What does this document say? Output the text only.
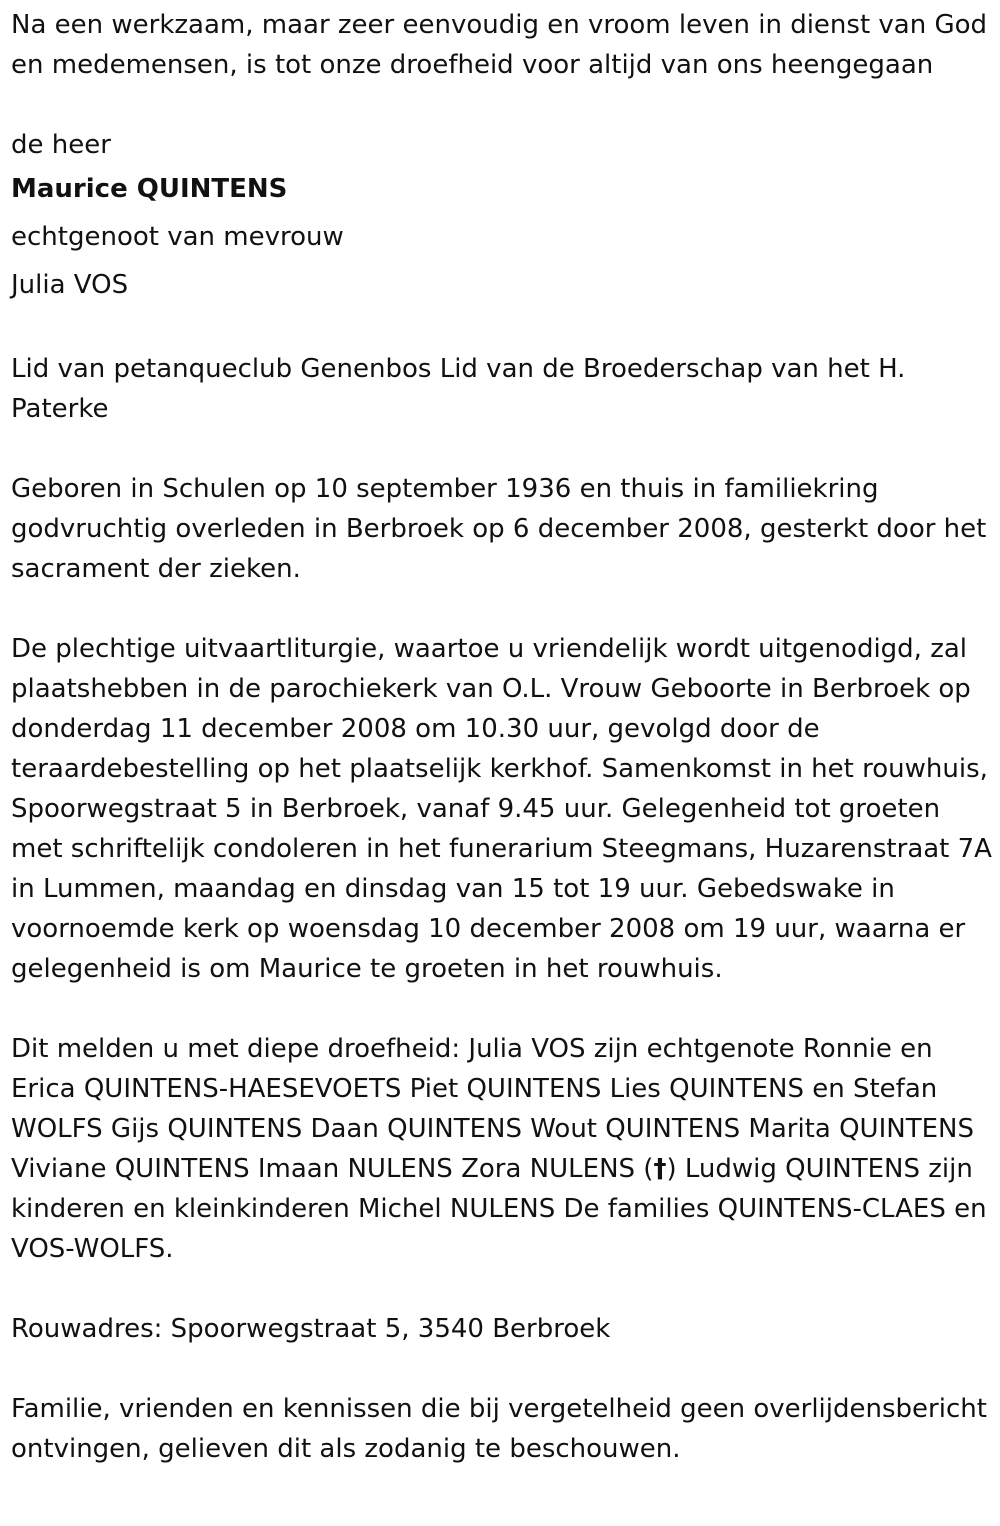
Na een werkzaam, maar zeer eenvoudig en vroom leven in dienst van God en medemensen, is tot onze droefheid voor altijd van ons heengegaan

de heer

Maurice QUINTENS

echtgenoot van mevrouw

Julia VOS

Lid van petanqueclub Genenbos Lid van de Broederschap van het H. Paterke

Geboren in Schulen op 10 september 1936 en thuis in familiekring godvruchtig overleden in Berbroek op 6 december 2008, gesterkt door het sacrament der zieken.

De plechtige uitvaartliturgie, waartoe u vriendelijk wordt uitgenodigd, zal plaatshebben in de parochiekerk van O.L. Vrouw Geboorte in Berbroek op donderdag 11 december 2008 om 10.30 uur, gevolgd door de teraardebestelling op het plaatselijk kerkhof. Samenkomst in het rouwhuis, Spoorwegstraat 5 in Berbroek, vanaf 9.45 uur. Gelegenheid tot groeten met schriftelijk condoleren in het funerarium Steegmans, Huzarenstraat 7A in Lummen, maandag en dinsdag van 15 tot 19 uur. Gebedswake in voornoemde kerk op woensdag 10 december 2008 om 19 uur, waarna er gelegenheid is om Maurice te groeten in het rouwhuis.

Dit melden u met diepe droefheid: Julia VOS zijn echtgenote Ronnie en Erica QUINTENS-HAESEVOETS Piet QUINTENS Lies QUINTENS en Stefan WOLFS Gijs QUINTENS Daan QUINTENS Wout QUINTENS Marita QUINTENS Viviane QUINTENS Imaan NULENS Zora NULENS (†) Ludwig QUINTENS zijn kinderen en kleinkinderen Michel NULENS De families QUINTENS-CLAES en VOS-WOLFS.

Rouwadres: Spoorwegstraat 5, 3540 Berbroek

Familie, vrienden en kennissen die bij vergetelheid geen overlijdensbericht ontvingen, gelieven dit als zodanig te beschouwen.
